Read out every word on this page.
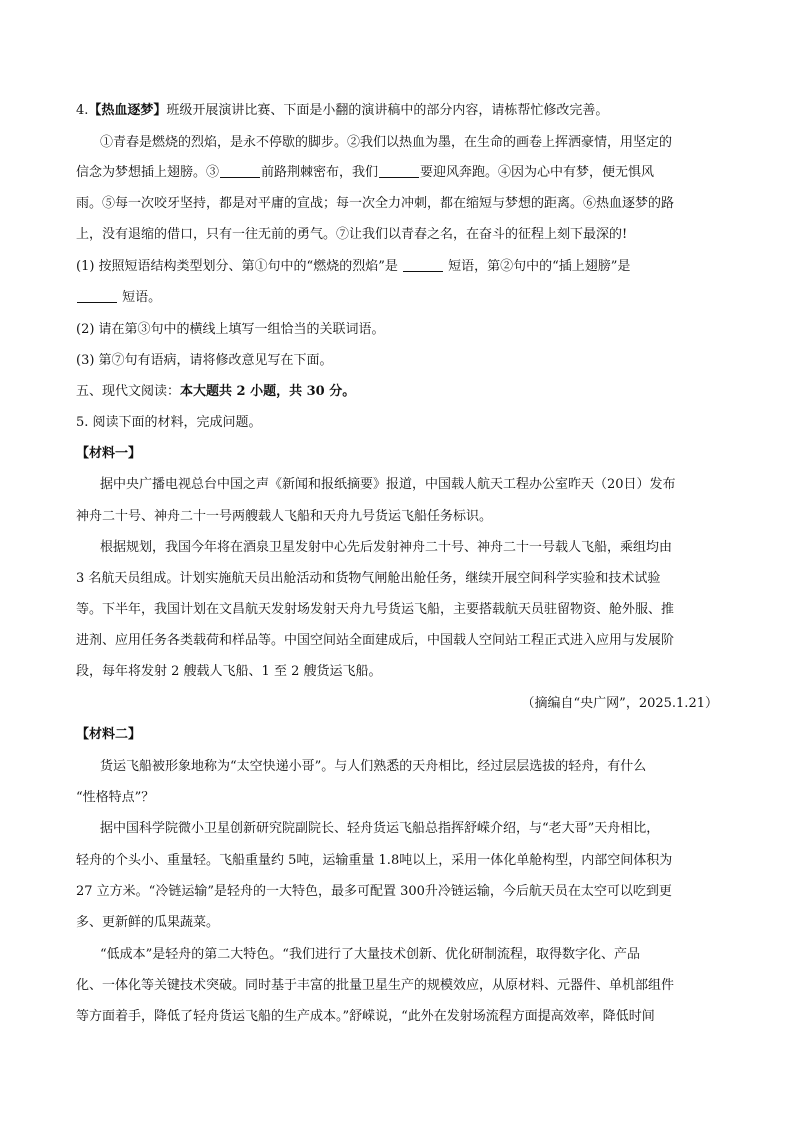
4.【热血逐梦】班级开展演讲比赛、下面是小翻的演讲稿中的部分内容，请栋帮忙修改完善。
①青春是燃烧的烈焰，是永不停歇的脚步。②我们以热血为墨，在生命的画卷上挥洒豪情，用坚定的
信念为梦想插上翅膀。③	前路荆棘密布，我们	要迎风奔跑。④因为心中有梦，便无惧风
雨。⑤每一次咬牙坚持，都是对平庸的宣战；每一次全力冲刺，都在缩短与梦想的距离。⑥热血逐梦的路
上，没有退缩的借口，只有一往无前的勇气。⑦让我们以青春之名，在奋斗的征程上刻下最深的!
(1) 按照短语结构类型划分、第①句中的“燃烧的烈焰”是	短语，第②句中的“插上翅膀”是
短语。
(2) 请在第③句中的横线上填写一组恰当的关联词语。
(3) 第⑦句有语病，请将修改意见写在下面。
五、现代文阅读：本大题共 2 小题，共 30 分。
5. 阅读下面的材料，完成问题。
【材料一】
据中央广播电视总台中国之声《新闻和报纸摘要》报道，中国载人航天工程办公室昨天（20日）发布
神舟二十号、神舟二十一号两艘载人飞船和天舟九号货运飞船任务标识。
根据规划，我国今年将在酒泉卫星发射中心先后发射神舟二十号、神舟二十一号载人飞船，乘组均由
3 名航天员组成。计划实施航天员出舱活动和货物气闸舱出舱任务，继续开展空间科学实验和技术试验
等。下半年，我国计划在文昌航天发射场发射天舟九号货运飞船，主要搭载航天员驻留物资、舱外服、推
进剂、应用任务各类载荷和样品等。中国空间站全面建成后，中国载人空间站工程正式进入应用与发展阶
段，每年将发射 2 艘载人飞船、1 至 2 艘货运飞船。
（摘编自“央广网”，2025.1.21）
【材料二】
货运飞船被形象地称为“太空快递小哥”。与人们熟悉的天舟相比，经过层层选拔的轻舟，有什么
“性格特点”？
据中国科学院微小卫星创新研究院副院长、轻舟货运飞船总指挥舒嵘介绍，与“老大哥”天舟相比，
轻舟的个头小、重量轻。飞船重量约 5吨，运输重量 1.8吨以上，采用一体化单舱构型，内部空间体积为
27 立方米。“冷链运输”是轻舟的一大特色，最多可配置 300升冷链运输，今后航天员在太空可以吃到更
多、更新鲜的瓜果蔬菜。
“低成本”是轻舟的第二大特色。“我们进行了大量技术创新、优化研制流程，取得数字化、产品
化、一体化等关键技术突破。同时基于丰富的批量卫星生产的规模效应，从原材料、元器件、单机部组件
等方面着手，降低了轻舟货运飞船的生产成本。”舒嵘说，“此外在发射场流程方面提高效率，降低时间
